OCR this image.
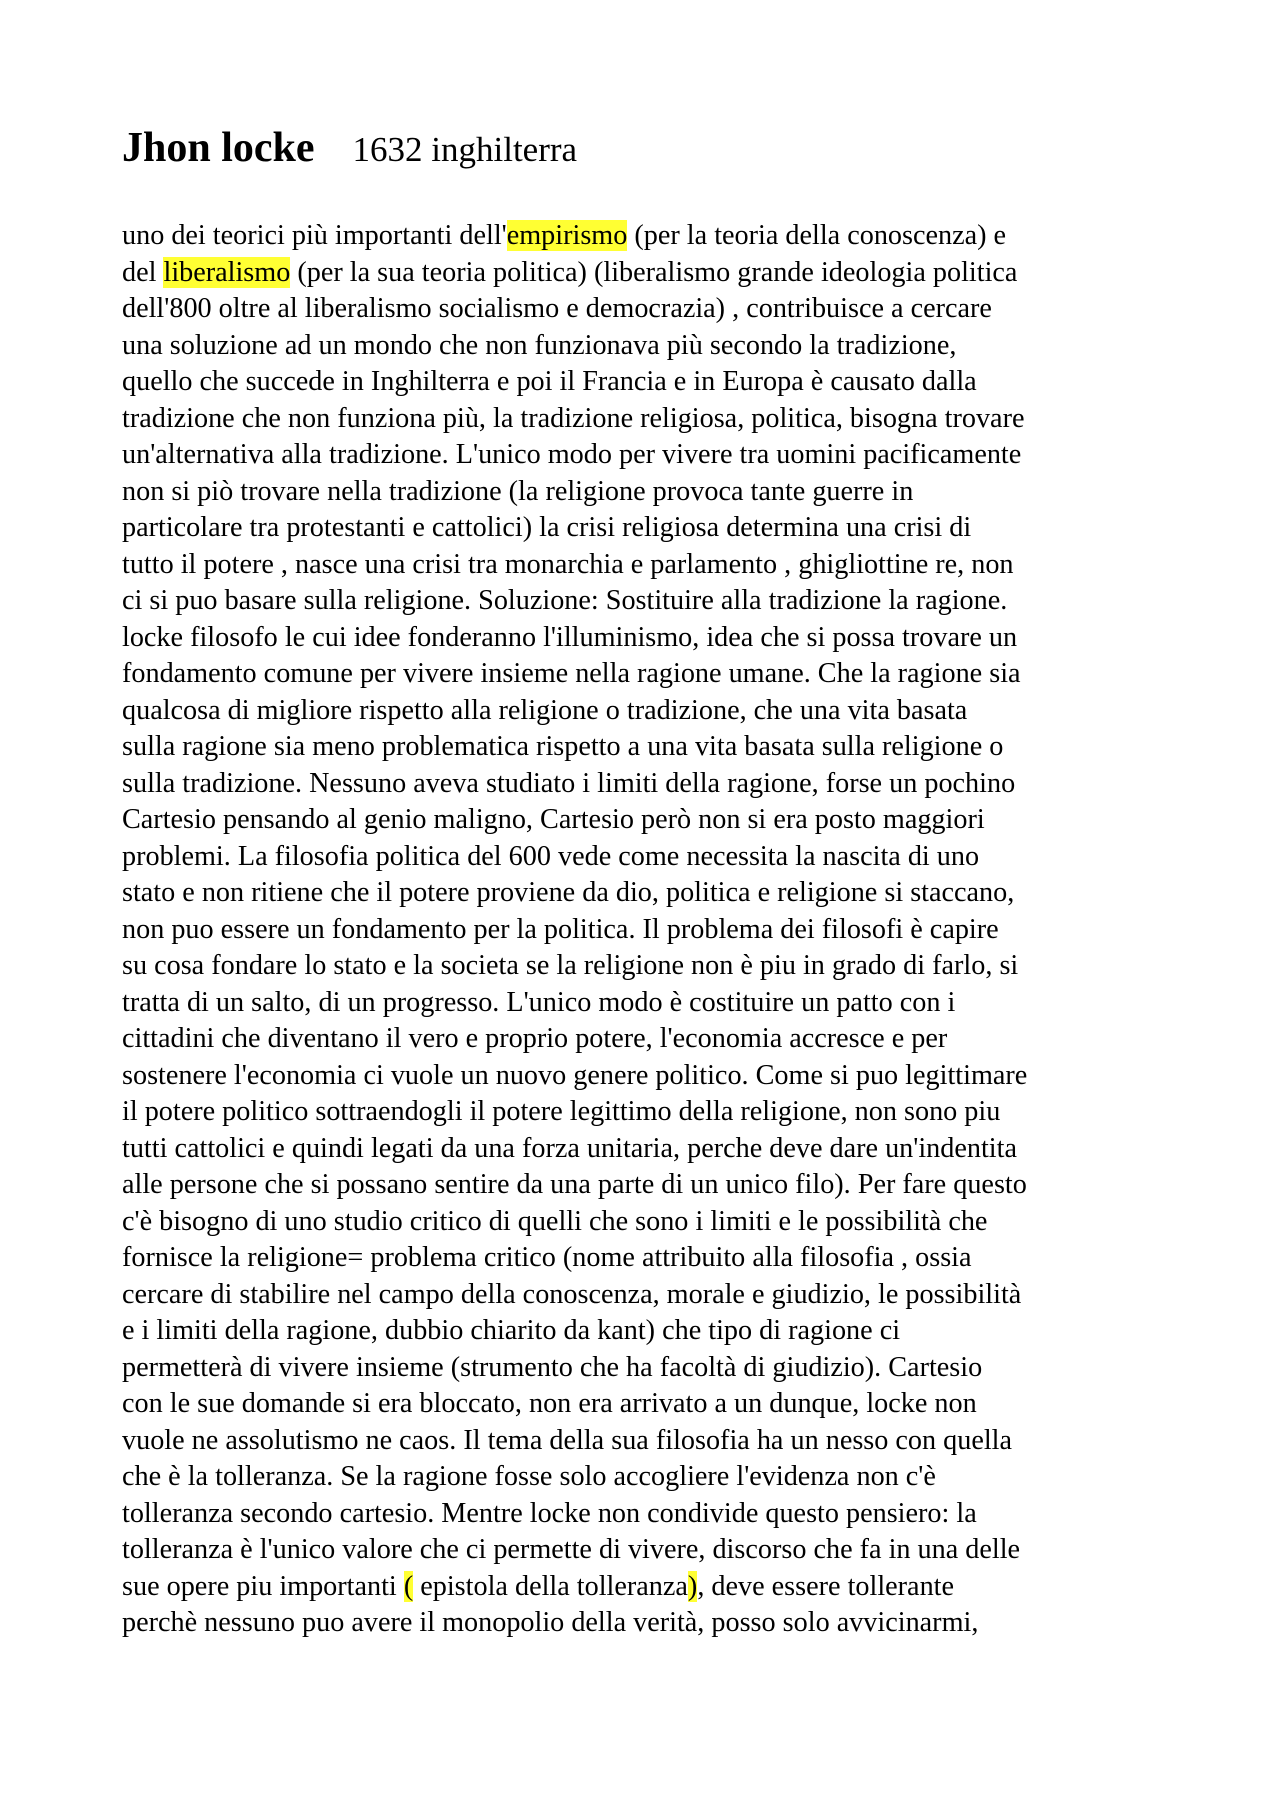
Jhon locke 1632 inghilterra
uno dei teorici più importanti dell'empirismo (per la teoria della conoscenza) e
del liberalismo (per la sua teoria politica) (liberalismo grande ideologia politica
dell'800 oltre al liberalismo socialismo e democrazia) , contribuisce a cercare
una soluzione ad un mondo che non funzionava più secondo la tradizione,
quello che succede in Inghilterra e poi il Francia e in Europa è causato dalla
tradizione che non funziona più, la tradizione religiosa, politica, bisogna trovare
un'alternativa alla tradizione. L'unico modo per vivere tra uomini pacificamente
non si piò trovare nella tradizione (la religione provoca tante guerre in
particolare tra protestanti e cattolici) la crisi religiosa determina una crisi di
tutto il potere , nasce una crisi tra monarchia e parlamento , ghigliottine re, non
ci si puo basare sulla religione. Soluzione: Sostituire alla tradizione la ragione.
locke filosofo le cui idee fonderanno l'illuminismo, idea che si possa trovare un
fondamento comune per vivere insieme nella ragione umane. Che la ragione sia
qualcosa di migliore rispetto alla religione o tradizione, che una vita basata
sulla ragione sia meno problematica rispetto a una vita basata sulla religione o
sulla tradizione. Nessuno aveva studiato i limiti della ragione, forse un pochino
Cartesio pensando al genio maligno, Cartesio però non si era posto maggiori
problemi. La filosofia politica del 600 vede come necessita la nascita di uno
stato e non ritiene che il potere proviene da dio, politica e religione si staccano,
non puo essere un fondamento per la politica. Il problema dei filosofi è capire
su cosa fondare lo stato e la societa se la religione non è piu in grado di farlo, si
tratta di un salto, di un progresso. L'unico modo è costituire un patto con i
cittadini che diventano il vero e proprio potere, l'economia accresce e per
sostenere l'economia ci vuole un nuovo genere politico. Come si puo legittimare
il potere politico sottraendogli il potere legittimo della religione, non sono piu
tutti cattolici e quindi legati da una forza unitaria, perche deve dare un'indentita
alle persone che si possano sentire da una parte di un unico filo). Per fare questo
c'è bisogno di uno studio critico di quelli che sono i limiti e le possibilità che
fornisce la religione= problema critico (nome attribuito alla filosofia , ossia
cercare di stabilire nel campo della conoscenza, morale e giudizio, le possibilità
e i limiti della ragione, dubbio chiarito da kant) che tipo di ragione ci
permetterà di vivere insieme (strumento che ha facoltà di giudizio). Cartesio
con le sue domande si era bloccato, non era arrivato a un dunque, locke non
vuole ne assolutismo ne caos. Il tema della sua filosofia ha un nesso con quella
che è la tolleranza. Se la ragione fosse solo accogliere l'evidenza non c'è
tolleranza secondo cartesio. Mentre locke non condivide questo pensiero: la
tolleranza è l'unico valore che ci permette di vivere, discorso che fa in una delle
sue opere piu importanti ( epistola della tolleranza), deve essere tollerante
perchè nessuno puo avere il monopolio della verità, posso solo avvicinarmi,
